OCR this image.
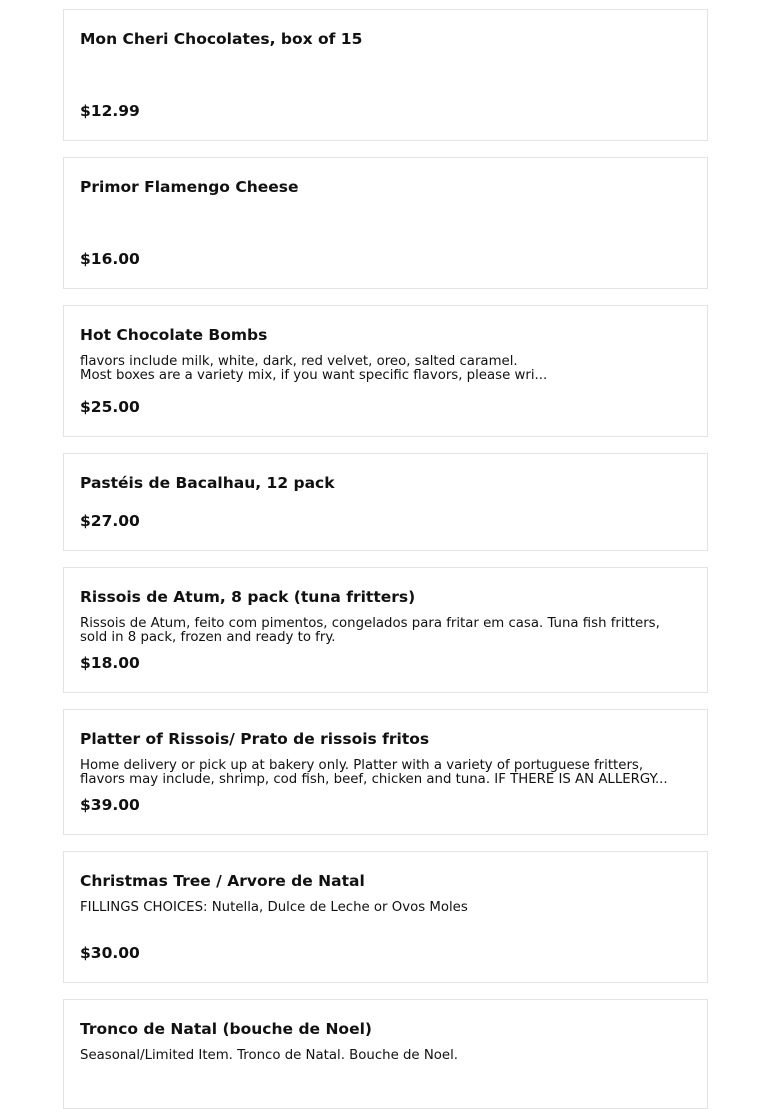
Mon Cheri Chocolates, box of 15
$12.99
Primor Flamengo Cheese
$16.00
Hot Chocolate Bombs
flavors include milk, white, dark, red velvet, oreo, salted caramel.
Most boxes are a variety mix, if you want specific flavors, please wri...
$25.00
Pastéis de Bacalhau, 12 pack
$27.00
Rissois de Atum, 8 pack (tuna fritters)
Rissois de Atum, feito com pimentos, congelados para fritar em casa. Tuna fish fritters,
sold in 8 pack, frozen and ready to fry.
$18.00
Platter of Rissois/ Prato de rissois fritos
Home delivery or pick up at bakery only. Platter with a variety of portuguese fritters,
flavors may include, shrimp, cod fish, beef, chicken and tuna. IF THERE IS AN ALLERGY...
$39.00
Christmas Tree / Arvore de Natal
FILLINGS CHOICES: Nutella, Dulce de Leche or Ovos Moles
$30.00
Tronco de Natal (bouche de Noel)
Seasonal/Limited Item. Tronco de Natal. Bouche de Noel.
